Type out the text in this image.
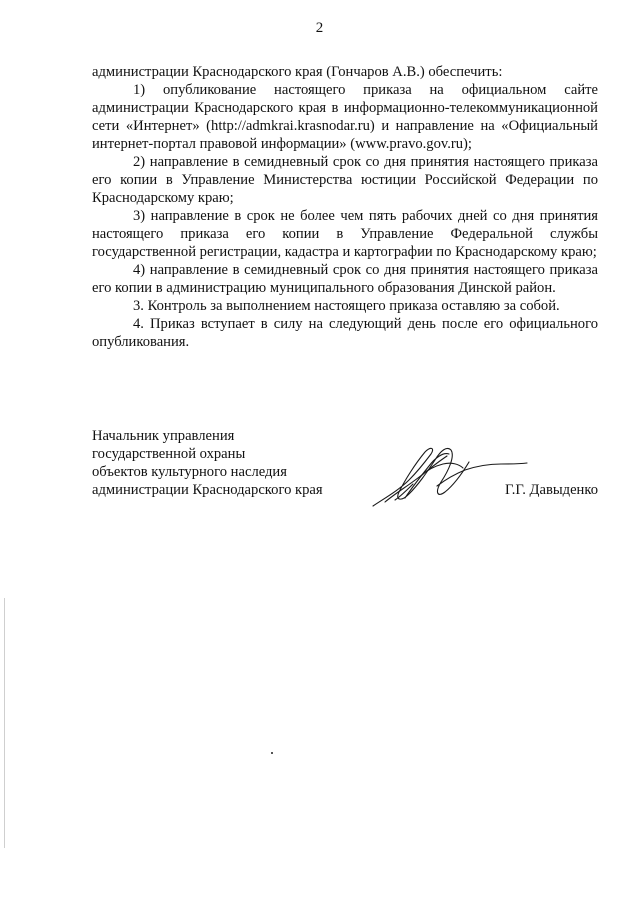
2

администрации Краснодарского края (Гончаров А.В.) обеспечить:

1) опубликование настоящего приказа на официальном сайте администрации Краснодарского края в информационно-телекоммуникационной сети «Интернет» (http://admkrai.krasnodar.ru) и направление на «Официальный интернет-портал правовой информации» (www.pravo.gov.ru);

2) направление в семидневный срок со дня принятия настоящего приказа его копии в Управление Министерства юстиции Российской Федерации по Краснодарскому краю;

3) направление в срок не более чем пять рабочих дней со дня принятия настоящего приказа его копии в Управление Федеральной службы государственной регистрации, кадастра и картографии по Краснодарскому краю;

4) направление в семидневный срок со дня принятия настоящего приказа его копии в администрацию муниципального образования Динской район.

3. Контроль за выполнением настоящего приказа оставляю за собой.

4. Приказ вступает в силу на следующий день после его официального опубликования.

Начальник управления
государственной охраны
объектов культурного наследия
администрации Краснодарского края	Г.Г. Давыденко
